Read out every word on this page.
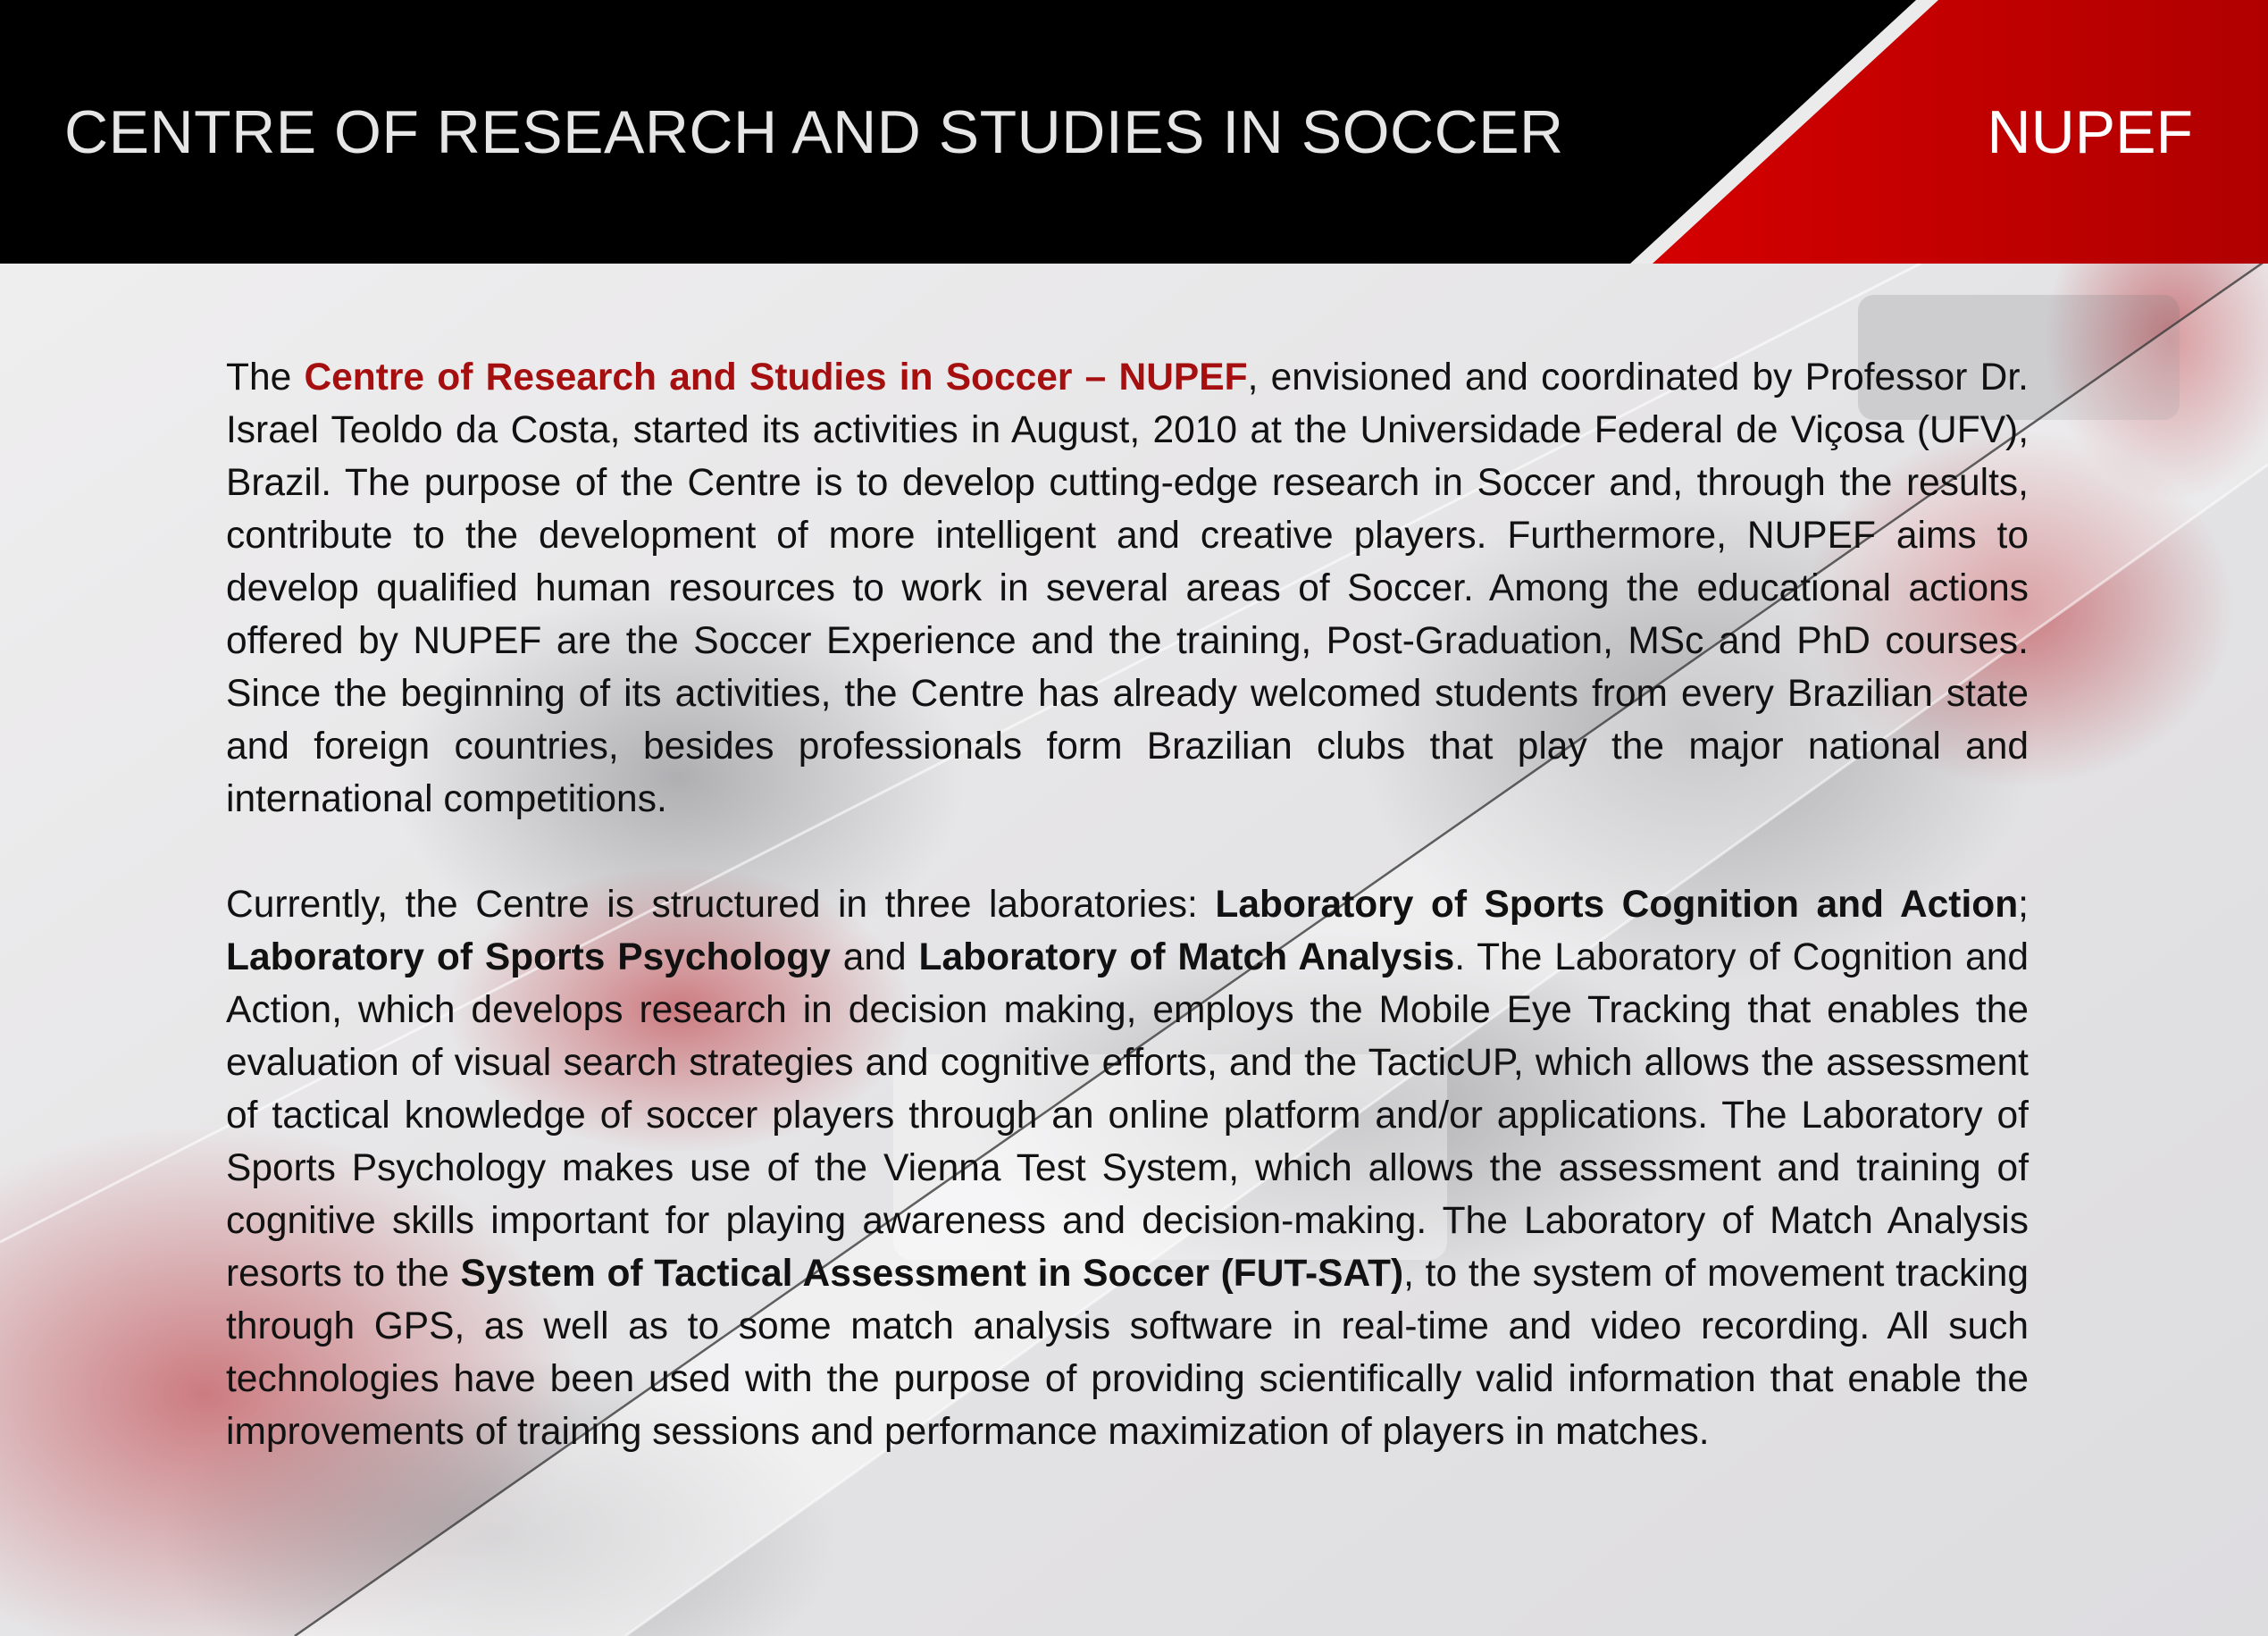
CENTRE OF RESEARCH AND STUDIES IN SOCCER	NUPEF

The Centre of Research and Studies in Soccer – NUPEF, envisioned and coordinated by Professor Dr. Israel Teoldo da Costa, started its activities in August, 2010 at the Universidade Federal de Viçosa (UFV), Brazil. The purpose of the Centre is to develop cutting-edge research in Soccer and, through the results, contribute to the development of more intelligent and creative players. Furthermore, NUPEF aims to develop qualified human resources to work in several areas of Soccer. Among the educational actions offered by NUPEF are the Soccer Experience and the training, Post-Graduation, MSc and PhD courses. Since the beginning of its activities, the Centre has already welcomed students from every Brazilian state and foreign countries, besides professionals form Brazilian clubs that play the major national and international competitions.

Currently, the Centre is structured in three laboratories: Laboratory of Sports Cognition and Action; Laboratory of Sports Psychology and Laboratory of Match Analysis. The Laboratory of Cognition and Action, which develops research in decision making, employs the Mobile Eye Tracking that enables the evaluation of visual search strategies and cognitive efforts, and the TacticUP, which allows the assessment of tactical knowledge of soccer players through an online platform and/or applications. The Laboratory of Sports Psychology makes use of the Vienna Test System, which allows the assessment and training of cognitive skills important for playing awareness and decision-making. The Laboratory of Match Analysis resorts to the System of Tactical Assessment in Soccer (FUT-SAT), to the system of movement tracking through GPS, as well as to some match analysis software in real-time and video recording. All such technologies have been used with the purpose of providing scientifically valid information that enable the improvements of training sessions and performance maximization of players in matches.
